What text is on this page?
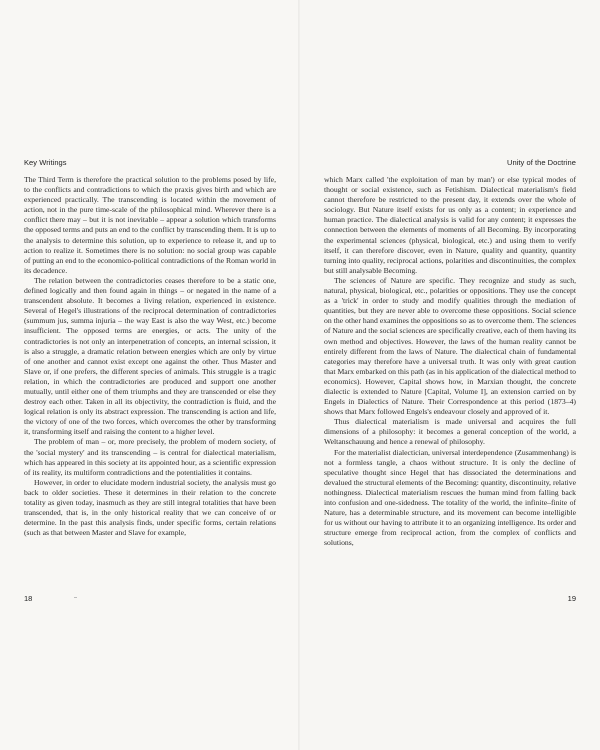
Key Writings

The Third Term is therefore the practical solution to the problems posed by life, to the conflicts and contradictions to which the praxis gives birth and which are experienced practically. The transcending is located within the movement of action, not in the pure time-scale of the philosophical mind. Wherever there is a conflict there may – but it is not inevitable – appear a solution which transforms the opposed terms and puts an end to the conflict by transcending them. It is up to the analysis to determine this solution, up to experience to release it, and up to action to realize it. Sometimes there is no solution: no social group was capable of putting an end to the economico-political contradictions of the Roman world in its decadence.

The relation between the contradictories ceases therefore to be a static one, defined logically and then found again in things – or negated in the name of a transcendent absolute. It becomes a living relation, experienced in existence. Several of Hegel's illustrations of the reciprocal determination of contradictories (summum jus, summa injuria – the way East is also the way West, etc.) become insufficient. The opposed terms are energies, or acts. The unity of the contradictories is not only an interpenetration of concepts, an internal scission, it is also a struggle, a dramatic relation between energies which are only by virtue of one another and cannot exist except one against the other. Thus Master and Slave or, if one prefers, the different species of animals. This struggle is a tragic relation, in which the contradictories are produced and support one another mutually, until either one of them triumphs and they are transcended or else they destroy each other. Taken in all its objectivity, the contradiction is fluid, and the logical relation is only its abstract expression. The transcending is action and life, the victory of one of the two forces, which overcomes the other by transforming it, transforming itself and raising the content to a higher level.

The problem of man – or, more precisely, the problem of modern society, of the 'social mystery' and its transcending – is central for dialectical materialism, which has appeared in this society at its appointed hour, as a scientific expression of its reality, its multiform contradictions and the potentialities it contains.

However, in order to elucidate modern industrial society, the analysis must go back to older societies. These it determines in their relation to the concrete totality as given today, inasmuch as they are still integral totalities that have been transcended, that is, in the only historical reality that we can conceive of or determine. In the past this analysis finds, under specific forms, certain relations (such as that between Master and Slave for example,

18
Unity of the Doctrine

which Marx called 'the exploitation of man by man') or else typical modes of thought or social existence, such as Fetishism. Dialectical materialism's field cannot therefore be restricted to the present day, it extends over the whole of sociology. But Nature itself exists for us only as a content; in experience and human practice. The dialectical analysis is valid for any content; it expresses the connection between the elements of moments of all Becoming. By incorporating the experimental sciences (physical, biological, etc.) and using them to verify itself, it can therefore discover, even in Nature, quality and quantity, quantity turning into quality, reciprocal actions, polarities and discontinuities, the complex but still analysable Becoming.

The sciences of Nature are specific. They recognize and study as such, natural, physical, biological, etc., polarities or oppositions. They use the concept as a 'trick' in order to study and modify qualities through the mediation of quantities, but they are never able to overcome these oppositions. Social science on the other hand examines the oppositions so as to overcome them. The sciences of Nature and the social sciences are specifically creative, each of them having its own method and objectives. However, the laws of the human reality cannot be entirely different from the laws of Nature. The dialectical chain of fundamental categories may therefore have a universal truth. It was only with great caution that Marx embarked on this path (as in his application of the dialectical method to economics). However, Capital shows how, in Marxian thought, the concrete dialectic is extended to Nature [Capital, Volume I], an extension carried on by Engels in Dialectics of Nature. Their Correspondence at this period (1873–4) shows that Marx followed Engels's endeavour closely and approved of it.

Thus dialectical materialism is made universal and acquires the full dimensions of a philosophy: it becomes a general conception of the world, a Weltanschauung and hence a renewal of philosophy.

For the materialist dialectician, universal interdependence (Zusammenhang) is not a formless tangle, a chaos without structure. It is only the decline of speculative thought since Hegel that has dissociated the determinations and devalued the structural elements of the Becoming: quantity, discontinuity, relative nothingness. Dialectical materialism rescues the human mind from falling back into confusion and one-sidedness. The totality of the world, the infinite–finite of Nature, has a determinable structure, and its movement can become intelligible for us without our having to attribute it to an organizing intelligence. Its order and structure emerge from reciprocal action, from the complex of conflicts and solutions,

19
